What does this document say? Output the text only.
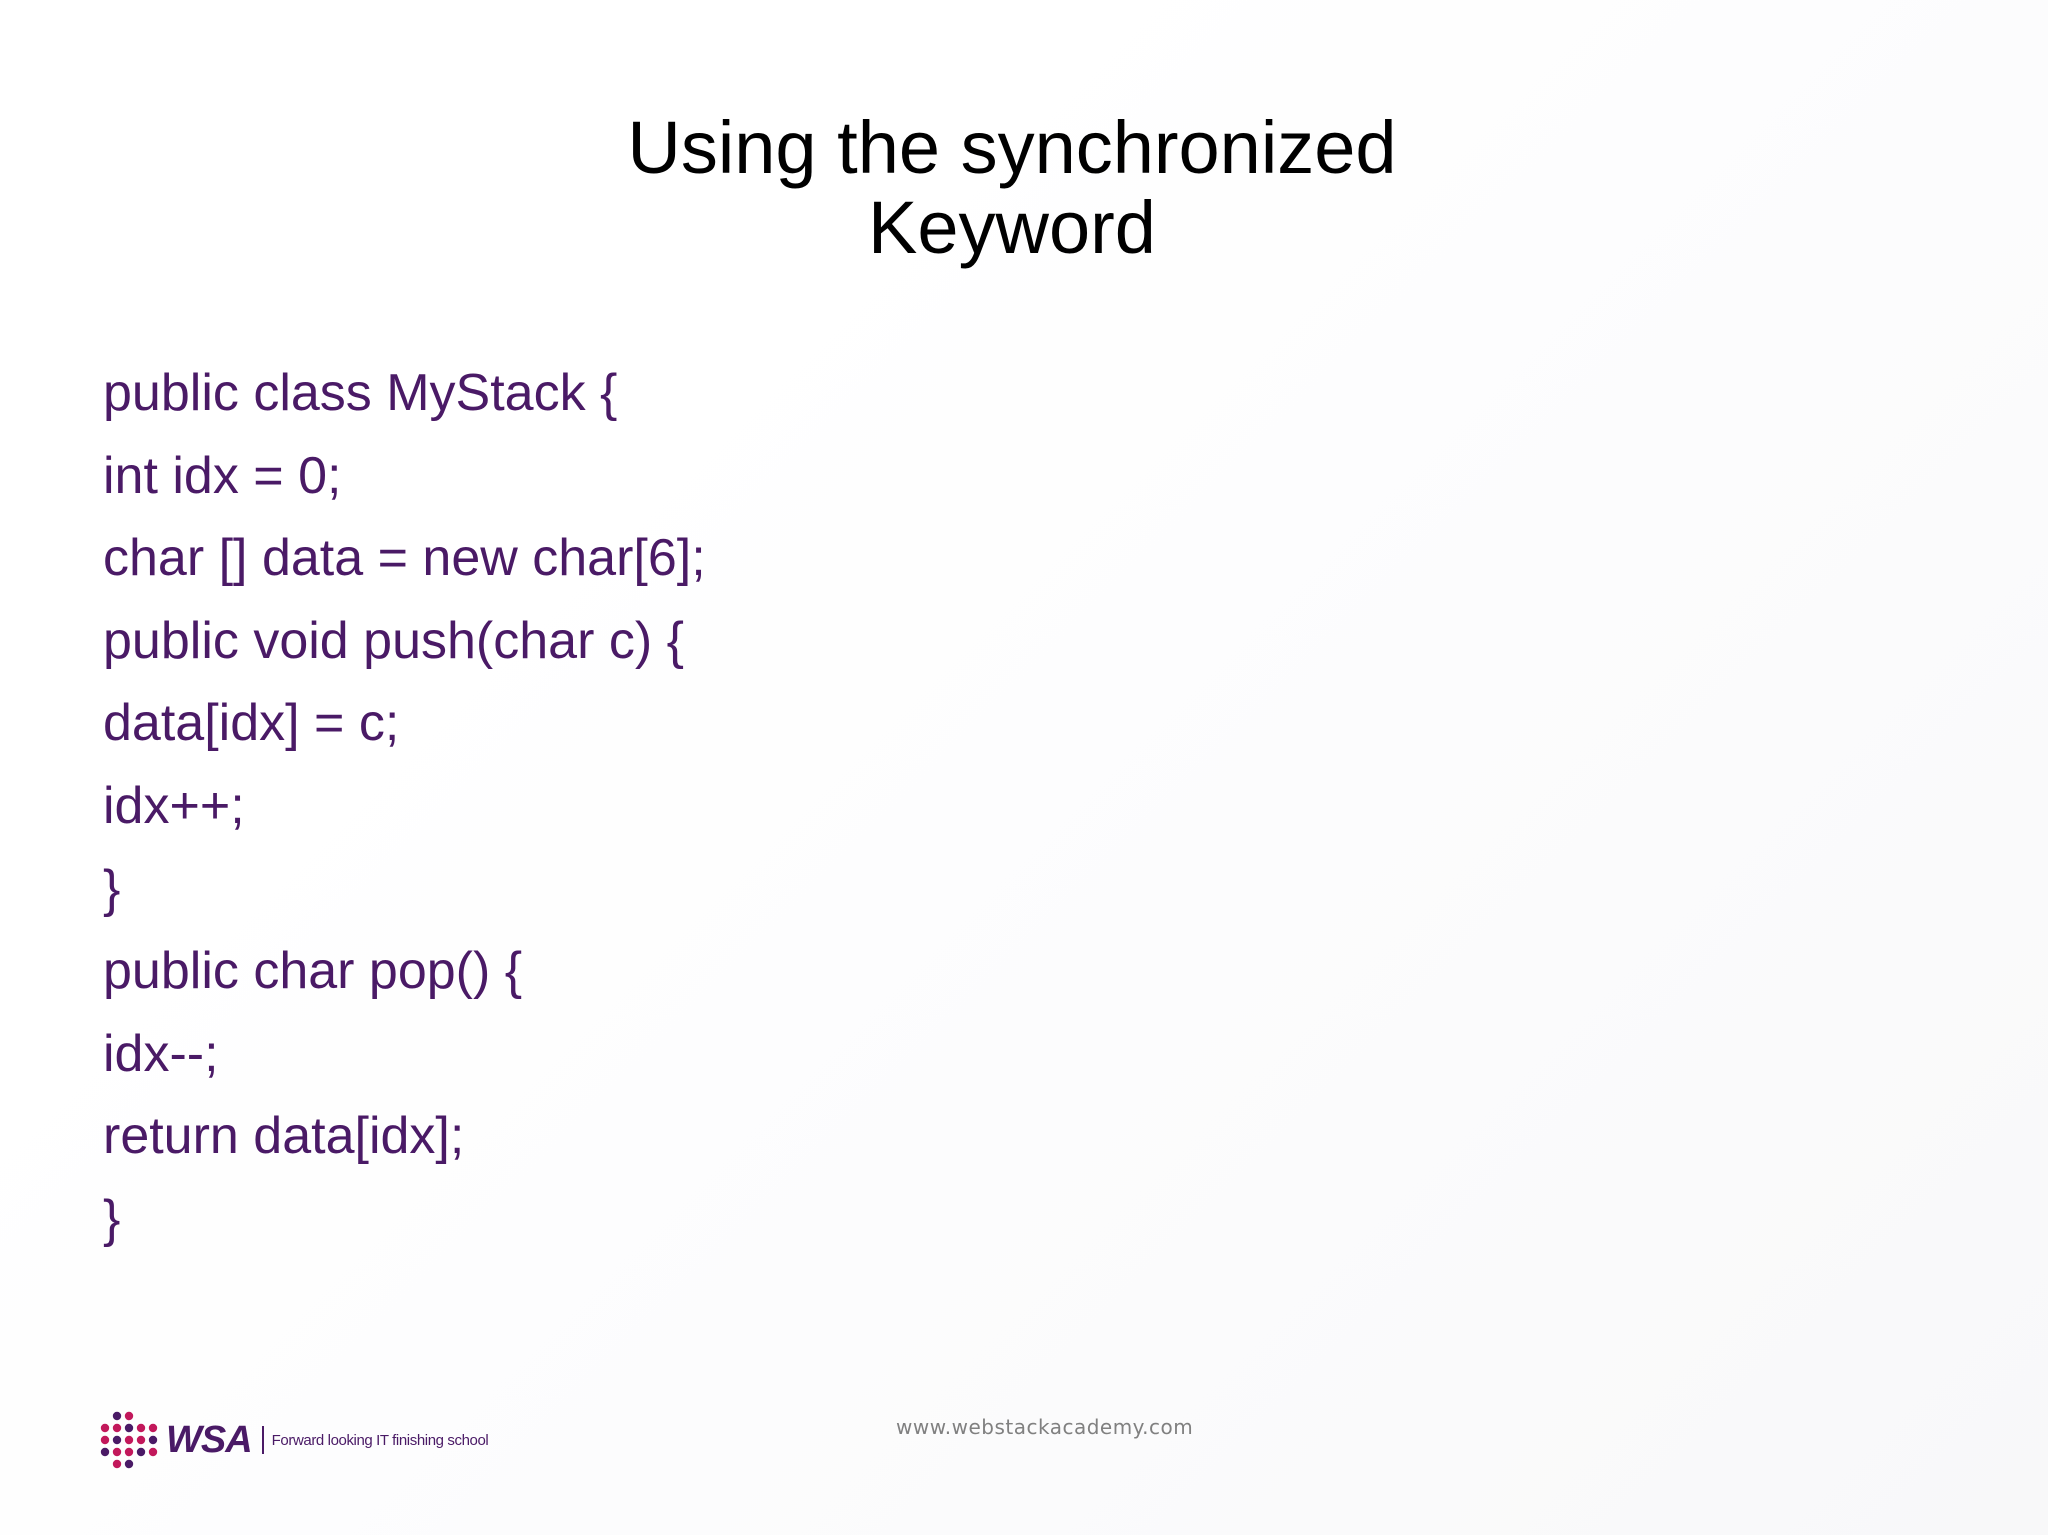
Using the synchronized
Keyword
public class MyStack {
int idx = 0;
char [] data = new char[6];
public void push(char c) {
data[idx] = c;
idx++;
}
public char pop() {
idx--;
return data[idx];
}
WSA Forward looking IT finishing school
www.webstackacademy.com
